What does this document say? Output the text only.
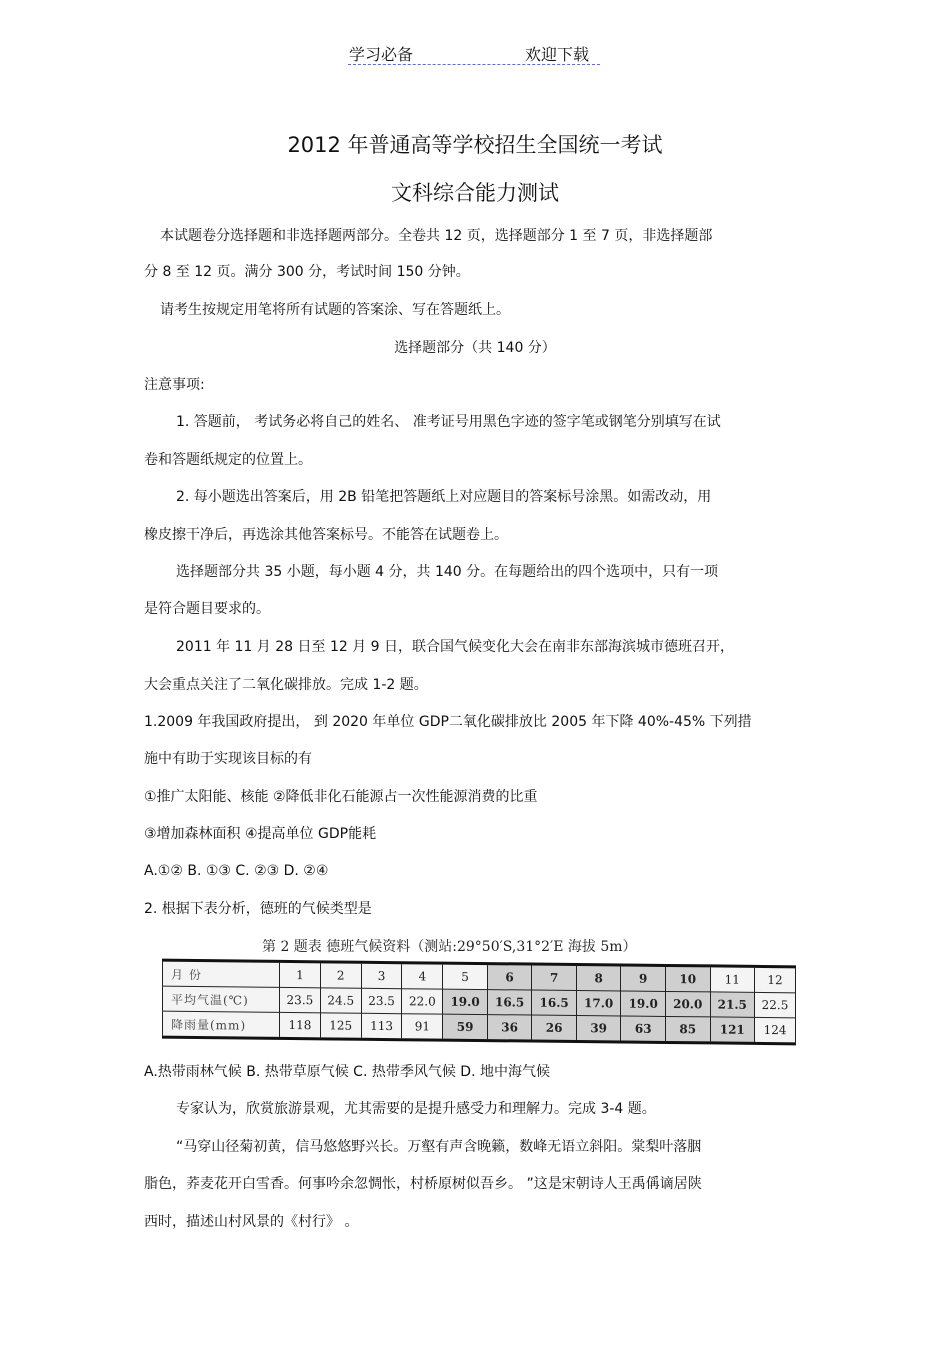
学习必备	欢迎下载
2012 年普通高等学校招生全国统一考试
文科综合能力测试
本试题卷分选择题和非选择题两部分。全卷共 12 页，选择题部分 1 至 7 页，非选择题部
分 8 至 12 页。满分 300 分，考试时间 150 分钟。
请考生按规定用笔将所有试题的答案涂、写在答题纸上。
选择题部分（共 140 分）
注意事项:
1. 答题前， 考试务必将自己的姓名、 准考证号用黑色字迹的签字笔或钢笔分别填写在试
卷和答题纸规定的位置上。
2. 每小题选出答案后，用 2B 铅笔把答题纸上对应题目的答案标号涂黑。如需改动，用
橡皮擦干净后，再选涂其他答案标号。不能答在试题卷上。
选择题部分共 35 小题，每小题 4 分，共 140 分。在每题给出的四个选项中，只有一项
是符合题目要求的。
2011 年 11 月 28 日至 12 月 9 日，联合国气候变化大会在南非东部海滨城市德班召开，
大会重点关注了二氧化碳排放。完成 1-2 题。
1.2009 年我国政府提出， 到 2020 年单位 GDP二氧化碳排放比 2005 年下降 40%-45% 下列措
施中有助于实现该目标的有
①推广太阳能、核能 ②降低非化石能源占一次性能源消费的比重
③增加森林面积 ④提高单位 GDP能耗
A.①② B. ①③ C. ②③ D. ②④
2. 根据下表分析，德班的气候类型是
第 2 题表 德班气候资料（测站:29°50′S,31°2′E 海拔 5m）
月 份	1	2	3	4	5	6	7	8	9	10	11	12
平均气温(℃)	23.5	24.5	23.5	22.0	19.0	16.5	16.5	17.0	19.0	20.0	21.5	22.5
降雨量(mm)	118	125	113	91	59	36	26	39	63	85	121	124
A.热带雨林气候 B. 热带草原气候 C. 热带季风气候 D. 地中海气候
专家认为，欣赏旅游景观，尤其需要的是提升感受力和理解力。完成 3-4 题。
“马穿山径菊初黄，信马悠悠野兴长。万壑有声含晚籁，数峰无语立斜阳。棠梨叶落胭
脂色，荞麦花开白雪香。何事吟余忽惆怅，村桥原树似吾乡。 ”这是宋朝诗人王禹偁谪居陕
西时，描述山村风景的《村行》 。
